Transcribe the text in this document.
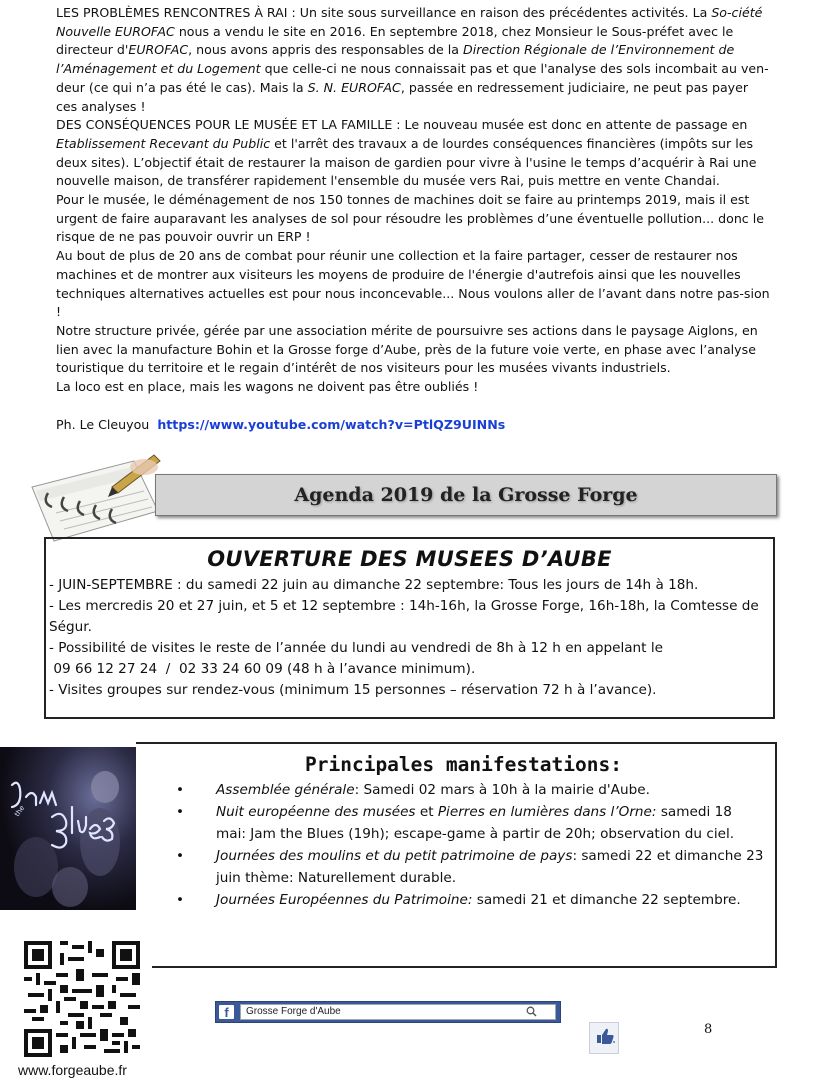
LES PROBLÈMES RENCONTRES À RAI : Un site sous surveillance en raison des précédentes activités. La So-ciété Nouvelle EUROFAC nous a vendu le site en 2016. En septembre 2018, chez Monsieur le Sous-préfet avec le directeur d'EUROFAC, nous avons appris des responsables de la Direction Régionale de l’Environnement de l’Aménagement et du Logement que celle-ci ne nous connaissait pas et que l'analyse des sols incombait au ven-deur (ce qui n’a pas été le cas). Mais la S. N. EUROFAC, passée en redressement judiciaire, ne peut pas payer ces analyses !

DES CONSÉQUENCES POUR LE MUSÉE ET LA FAMILLE : Le nouveau musée est donc en attente de passage en Etablissement Recevant du Public et l'arrêt des travaux a de lourdes conséquences financières (impôts sur les deux sites). L’objectif était de restaurer la maison de gardien pour vivre à l'usine le temps d’acquérir à Rai une nouvelle maison, de transférer rapidement l'ensemble du musée vers Rai, puis mettre en vente Chandai.

Pour le musée, le déménagement de nos 150 tonnes de machines doit se faire au printemps 2019, mais il est urgent de faire auparavant les analyses de sol pour résoudre les problèmes d’une éventuelle pollution... donc le risque de ne pas pouvoir ouvrir un ERP !

Au bout de plus de 20 ans de combat pour réunir une collection et la faire partager, cesser de restaurer nos machines et de montrer aux visiteurs les moyens de produire de l'énergie d'autrefois ainsi que les nouvelles techniques alternatives actuelles est pour nous inconcevable... Nous voulons aller de l’avant dans notre pas-sion !

Notre structure privée, gérée par une association mérite de poursuivre ses actions dans le paysage Aiglons, en lien avec la manufacture Bohin et la Grosse forge d’Aube, près de la future voie verte, en phase avec l’analyse touristique du territoire et le regain d’intérêt de nos visiteurs pour les musées vivants industriels.

La loco est en place, mais les wagons ne doivent pas être oubliés !

Ph. Le Cleuyou https://www.youtube.com/watch?v=PtlQZ9UINNs

Agenda 2019 de la Grosse Forge
OUVERTURE DES MUSEES D’AUBE

- JUIN-SEPTEMBRE : du samedi 22 juin au dimanche 22 septembre: Tous les jours de 14h à 18h.

- Les mercredis 20 et 27 juin, et 5 et 12 septembre : 14h-16h, la Grosse Forge, 16h-18h, la Comtesse de Ségur.

- Possibilité de visites le reste de l’année du lundi au vendredi de 8h à 12 h en appelant le

09 66 12 27 24  /  02 33 24 60 09 (48 h à l’avance minimum).

- Visites groupes sur rendez-vous (minimum 15 personnes – réservation 72 h à l’avance).

Principales manifestations:
• Assemblée générale: Samedi 02 mars à 10h à la mairie d'Aube.
• Nuit européenne des musées et Pierres en lumières dans l’Orne: samedi 18 mai: Jam the Blues (19h); escape-game à partir de 20h; observation du ciel.
• Journées des moulins et du petit patrimoine de pays: samedi 22 et dimanche 23 juin thème: Naturellement durable.
• Journées Européennes du Patrimoine: samedi 21 et dimanche 22 septembre.
the
www.forgeaube.fr
f	Grosse Forge d'Aube
8
